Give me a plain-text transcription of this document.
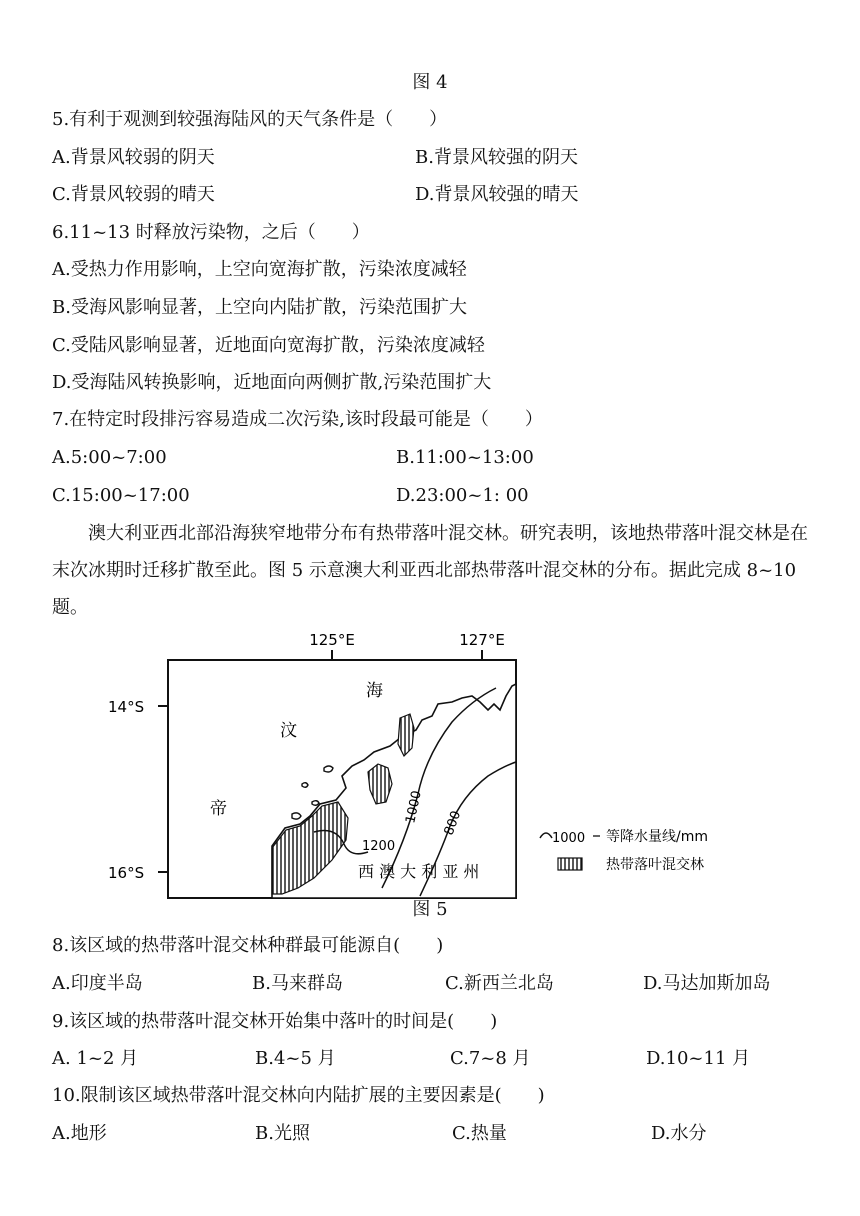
图 4
5.有利于观测到较强海陆风的天气条件是（　　）
A.背景风较弱的阴天	B.背景风较强的阴天
C.背景风较弱的晴天	D.背景风较强的晴天
6.11~13 时释放污染物，之后（　　）
A.受热力作用影响，上空向宽海扩散，污染浓度减轻
B.受海风影响显著，上空向内陆扩散，污染范围扩大
C.受陆风影响显著，近地面向宽海扩散，污染浓度减轻
D.受海陆风转换影响，近地面向两侧扩散,污染范围扩大
7.在特定时段排污容易造成二次污染,该时段最可能是（　　）
A.5:00~7:00	B.11:00~13:00
C.15:00~17:00	D.23:00~1: 00
澳大利亚西北部沿海狭窄地带分布有热带落叶混交林。研究表明，该地热带落叶混交林是在末次冰期时迁移扩散至此。图 5 示意澳大利亚西北部热带落叶混交林的分布。据此完成 8~10 题。
125°E	127°E
14°S
16°S
1200
1000 800
帝
汶
海
西 澳 大 利 亚 州
1000 等降水量线/mm
热带落叶混交林
图 5
8.该区域的热带落叶混交林种群最可能源自(　　)
A.印度半岛	B.马来群岛	C.新西兰北岛	D.马达加斯加岛
9.该区域的热带落叶混交林开始集中落叶的时间是(　　)
A. 1~2 月	B.4~5 月	C.7~8 月	D.10~11 月
10.限制该区域热带落叶混交林向内陆扩展的主要因素是(　　)
A.地形	B.光照	C.热量	D.水分
